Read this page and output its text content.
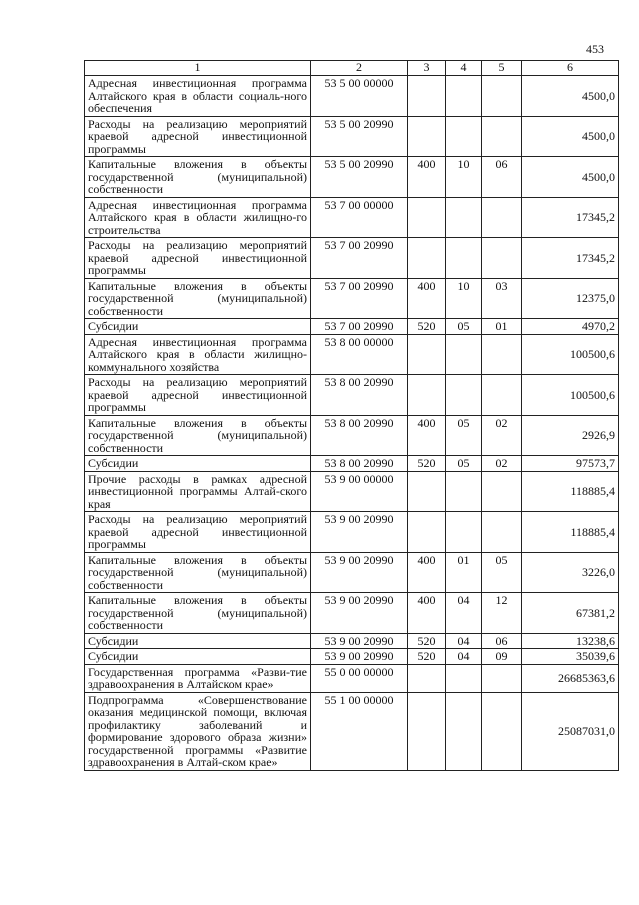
453
1	2	3	4	5	6
Адресная инвестиционная программа Алтайского края в области социаль-ного обеспечения	53 5 00 00000				4500,0
Расходы на реализацию мероприятий краевой адресной инвестиционной программы	53 5 00 20990				4500,0
Капитальные вложения в объекты государственной (муниципальной) собственности	53 5 00 20990	400	10	06	4500,0
Адресная инвестиционная программа Алтайского края в области жилищно-го строительства	53 7 00 00000				17345,2
Расходы на реализацию мероприятий краевой адресной инвестиционной программы	53 7 00 20990				17345,2
Капитальные вложения в объекты государственной (муниципальной) собственности	53 7 00 20990	400	10	03	12375,0
Субсидии	53 7 00 20990	520	05	01	4970,2
Адресная инвестиционная программа Алтайского края в области жилищно-коммунального хозяйства	53 8 00 00000				100500,6
Расходы на реализацию мероприятий краевой адресной инвестиционной программы	53 8 00 20990				100500,6
Капитальные вложения в объекты государственной (муниципальной) собственности	53 8 00 20990	400	05	02	2926,9
Субсидии	53 8 00 20990	520	05	02	97573,7
Прочие расходы в рамках адресной инвестиционной программы Алтай-ского края	53 9 00 00000				118885,4
Расходы на реализацию мероприятий краевой адресной инвестиционной программы	53 9 00 20990				118885,4
Капитальные вложения в объекты государственной (муниципальной) собственности	53 9 00 20990	400	01	05	3226,0
Капитальные вложения в объекты государственной (муниципальной) собственности	53 9 00 20990	400	04	12	67381,2
Субсидии	53 9 00 20990	520	04	06	13238,6
Субсидии	53 9 00 20990	520	04	09	35039,6
Государственная программа «Разви-тие здравоохранения в Алтайском крае»	55 0 00 00000				26685363,6
Подпрограмма «Совершенствование оказания медицинской помощи, включая профилактику заболеваний и формирование здорового образа жизни» государственной программы «Развитие здравоохранения в Алтай-ском крае»	55 1 00 00000				25087031,0
